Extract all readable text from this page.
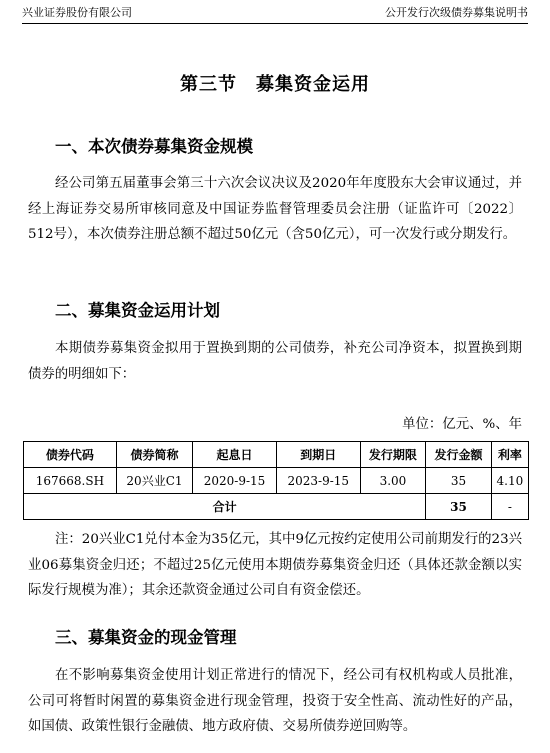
兴业证券股份有限公司	公开发行次级债券募集说明书
第三节　募集资金运用
一、本次债券募集资金规模
经公司第五届董事会第三十六次会议决议及2020年年度股东大会审议通过，并经上海证券交易所审核同意及中国证券监督管理委员会注册（证监许可〔2022〕512号），本次债券注册总额不超过50亿元（含50亿元），可一次发行或分期发行。
二、募集资金运用计划
本期债券募集资金拟用于置换到期的公司债券，补充公司净资本，拟置换到期债券的明细如下：
单位：亿元、%、年
债券代码	债券简称	起息日	到期日	发行期限	发行金额	利率
167668.SH	20兴业C1	2020-9-15	2023-9-15	3.00	35	4.10
合计					35	-
注：20兴业C1兑付本金为35亿元，其中9亿元按约定使用公司前期发行的23兴业06募集资金归还；不超过25亿元使用本期债券募集资金归还（具体还款金额以实际发行规模为准）；其余还款资金通过公司自有资金偿还。
三、募集资金的现金管理
在不影响募集资金使用计划正常进行的情况下，经公司有权机构或人员批准，公司可将暂时闲置的募集资金进行现金管理，投资于安全性高、流动性好的产品，如国债、政策性银行金融债、地方政府债、交易所债券逆回购等。
